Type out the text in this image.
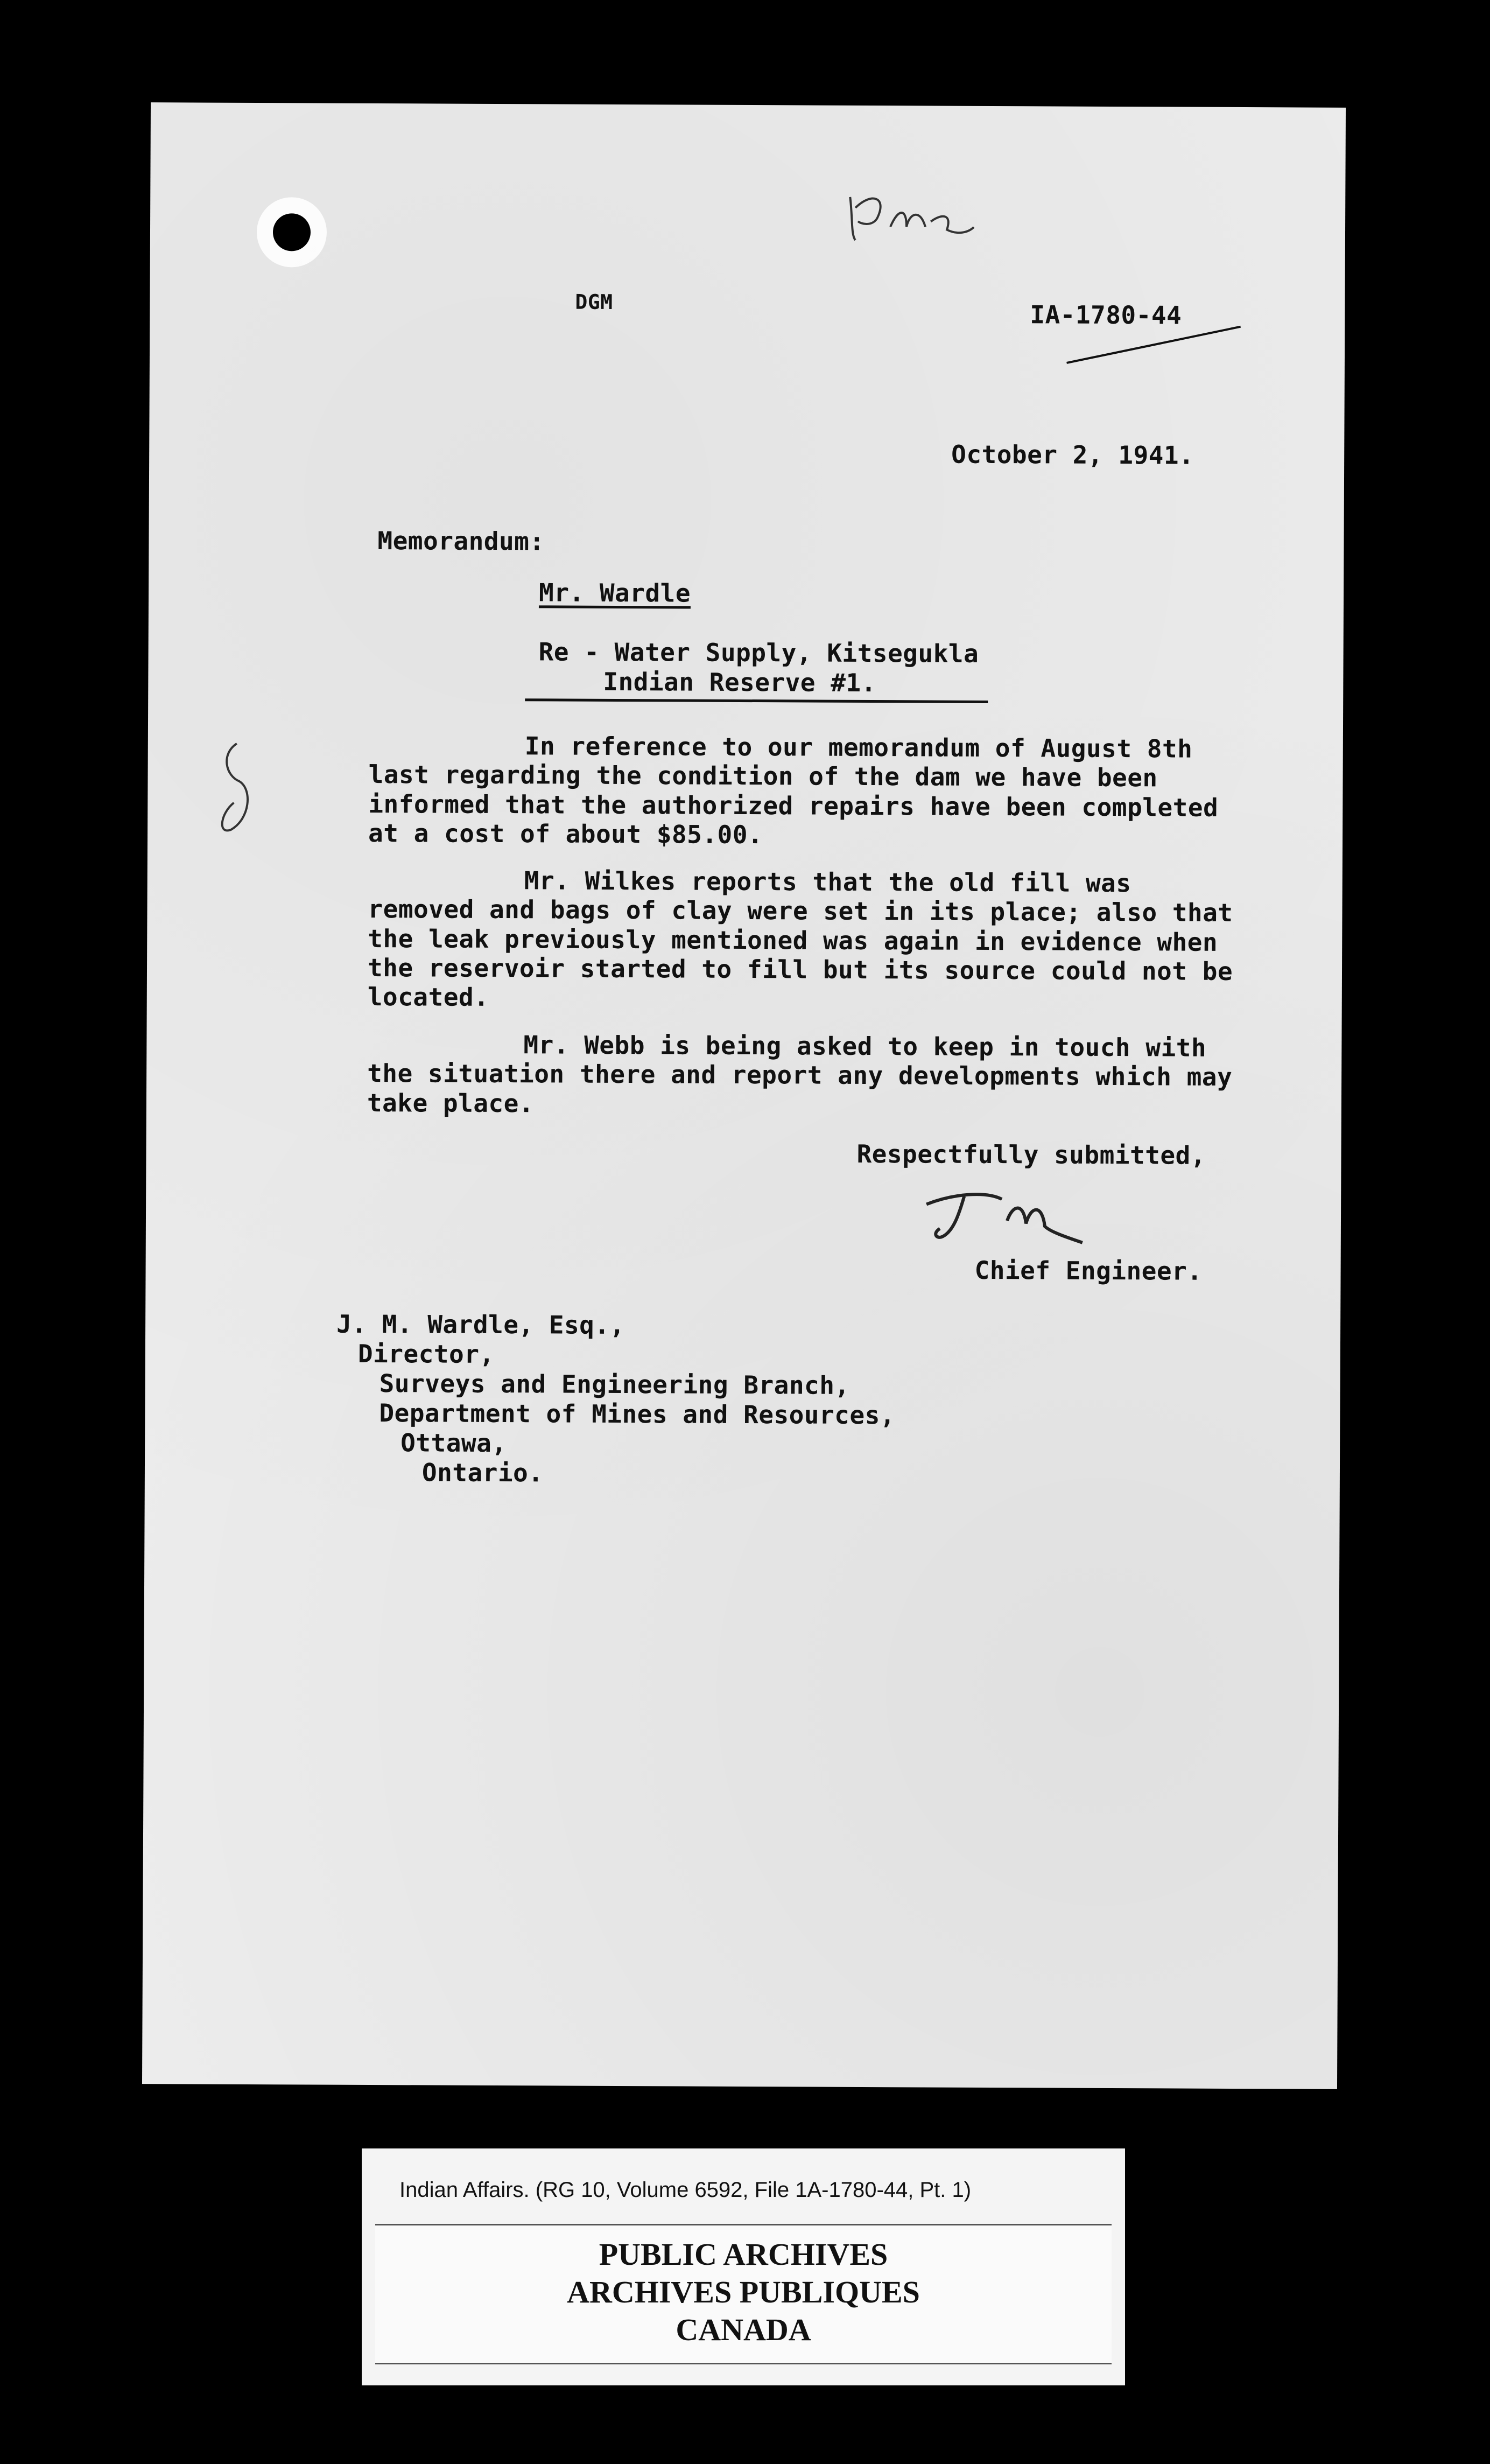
DGM	IA-1780-44
October 2, 1941.
Memorandum:
Mr. Wardle
Re - Water Supply, Kitsegukla
Indian Reserve #1.
In reference to our memorandum of August 8th last regarding the condition of the dam we have been informed that the authorized repairs have been completed at a cost of about $85.00.
Mr. Wilkes reports that the old fill was removed and bags of clay were set in its place; also that the leak previously mentioned was again in evidence when the reservoir started to fill but its source could not be located.
Mr. Webb is being asked to keep in touch with the situation there and report any developments which may take place.
Respectfully submitted,
Chief Engineer.
J. M. Wardle, Esq.,
Director,
Surveys and Engineering Branch,
Department of Mines and Resources,
Ottawa,
Ontario.
Indian Affairs. (RG 10, Volume 6592, File 1A-1780-44, Pt. 1)
PUBLIC ARCHIVES
ARCHIVES PUBLIQUES
CANADA
